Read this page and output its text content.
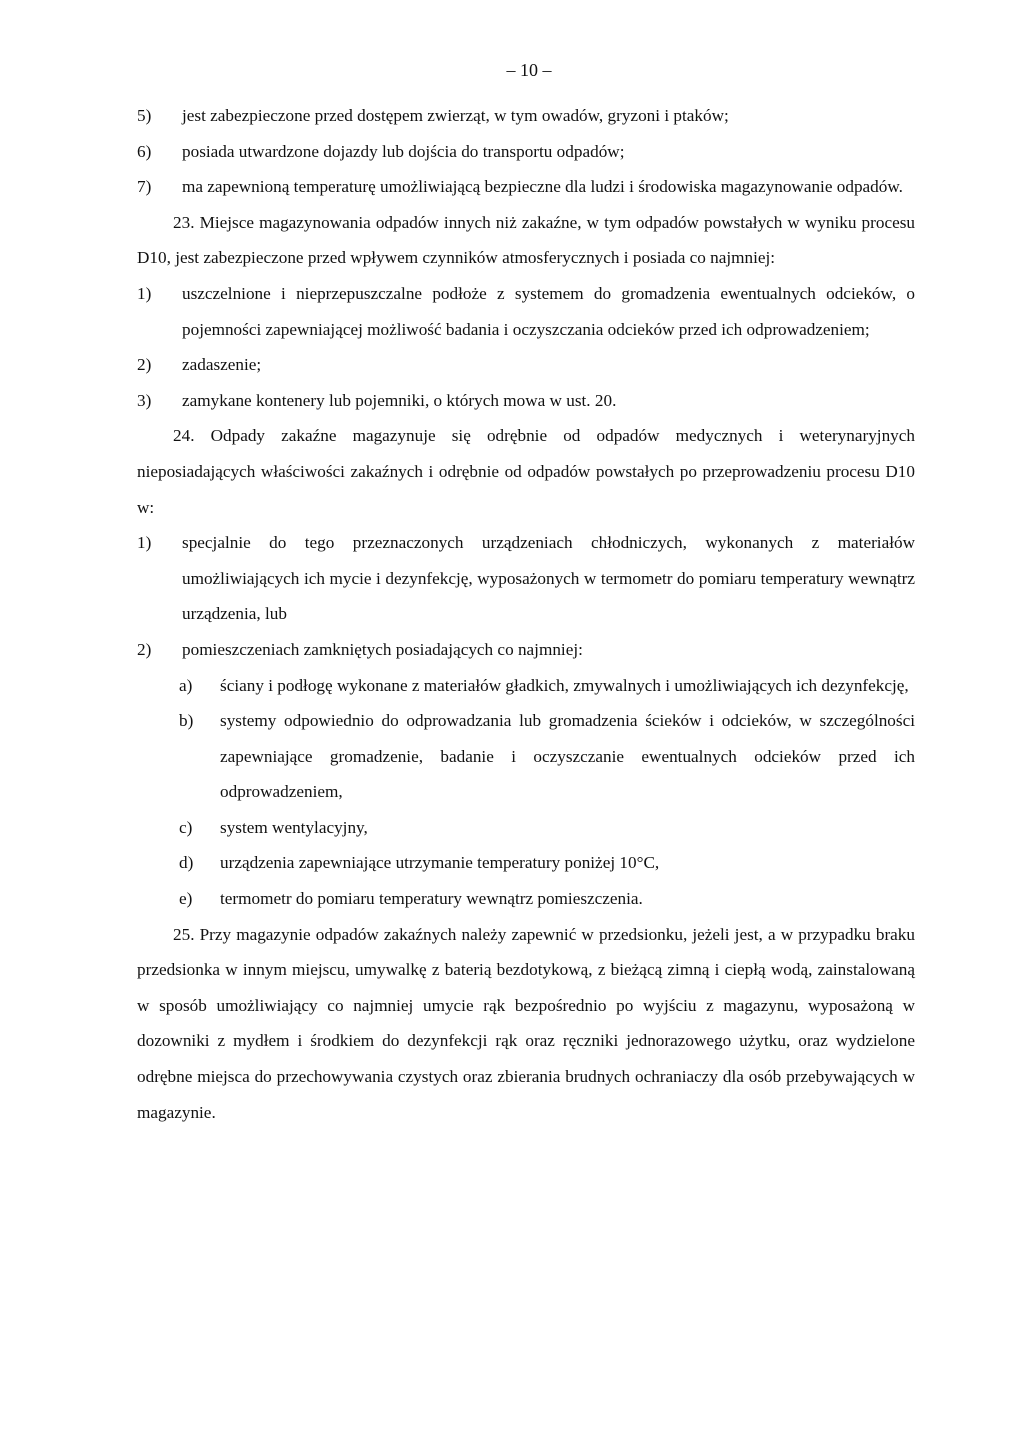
– 10 –
5) jest zabezpieczone przed dostępem zwierząt, w tym owadów, gryzoni i ptaków;
6) posiada utwardzone dojazdy lub dojścia do transportu odpadów;
7) ma zapewnioną temperaturę umożliwiającą bezpieczne dla ludzi i środowiska magazynowanie odpadów.
23. Miejsce magazynowania odpadów innych niż zakaźne, w tym odpadów powstałych w wyniku procesu D10, jest zabezpieczone przed wpływem czynników atmosferycznych i posiada co najmniej:
1) uszczelnione i nieprzepuszczalne podłoże z systemem do gromadzenia ewentualnych odcieków, o pojemności zapewniającej możliwość badania i oczyszczania odcieków przed ich odprowadzeniem;
2) zadaszenie;
3) zamykane kontenery lub pojemniki, o których mowa w ust. 20.
24. Odpady zakaźne magazynuje się odrębnie od odpadów medycznych i weterynaryjnych nieposiadających właściwości zakaźnych i odrębnie od odpadów powstałych po przeprowadzeniu procesu D10 w:
1) specjalnie do tego przeznaczonych urządzeniach chłodniczych, wykonanych z materiałów umożliwiających ich mycie i dezynfekcję, wyposażonych w termometr do pomiaru temperatury wewnątrz urządzenia, lub
2) pomieszczeniach zamkniętych posiadających co najmniej:
a) ściany i podłogę wykonane z materiałów gładkich, zmywalnych i umożliwiających ich dezynfekcję,
b) systemy odpowiednio do odprowadzania lub gromadzenia ścieków i odcieków, w szczególności zapewniające gromadzenie, badanie i oczyszczanie ewentualnych odcieków przed ich odprowadzeniem,
c) system wentylacyjny,
d) urządzenia zapewniające utrzymanie temperatury poniżej 10°C,
e) termometr do pomiaru temperatury wewnątrz pomieszczenia.
25. Przy magazynie odpadów zakaźnych należy zapewnić w przedsionku, jeżeli jest, a w przypadku braku przedsionka w innym miejscu, umywalkę z baterią bezdotykową, z bieżącą zimną i ciepłą wodą, zainstalowaną w sposób umożliwiający co najmniej umycie rąk bezpośrednio po wyjściu z magazynu, wyposażoną w dozowniki z mydłem i środkiem do dezynfekcji rąk oraz ręczniki jednorazowego użytku, oraz wydzielone odrębne miejsca do przechowywania czystych oraz zbierania brudnych ochraniaczy dla osób przebywających w magazynie.
